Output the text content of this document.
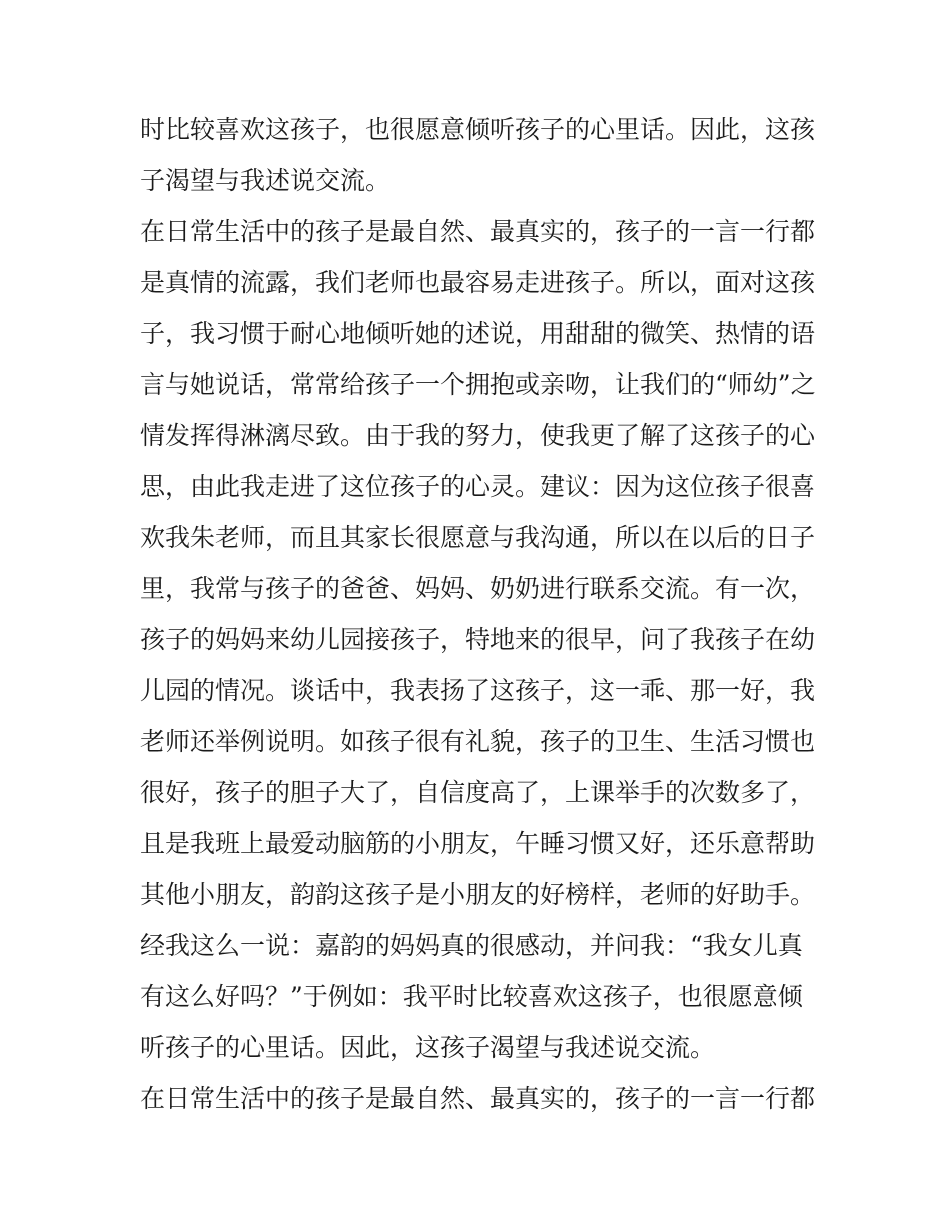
时比较喜欢这孩子，也很愿意倾听孩子的心里话。因此，这孩

子渴望与我述说交流。

在日常生活中的孩子是最自然、最真实的，孩子的一言一行都

是真情的流露，我们老师也最容易走进孩子。所以，面对这孩

子，我习惯于耐心地倾听她的述说，用甜甜的微笑、热情的语

言与她说话，常常给孩子一个拥抱或亲吻，让我们的“师幼”之

情发挥得淋漓尽致。由于我的努力，使我更了解了这孩子的心

思，由此我走进了这位孩子的心灵。建议：因为这位孩子很喜

欢我朱老师，而且其家长很愿意与我沟通，所以在以后的日子

里，我常与孩子的爸爸、妈妈、奶奶进行联系交流。有一次，

孩子的妈妈来幼儿园接孩子，特地来的很早，问了我孩子在幼

儿园的情况。谈话中，我表扬了这孩子，这一乖、那一好，我

老师还举例说明。如孩子很有礼貌，孩子的卫生、生活习惯也

很好，孩子的胆子大了，自信度高了，上课举手的次数多了，

且是我班上最爱动脑筋的小朋友，午睡习惯又好，还乐意帮助

其他小朋友，韵韵这孩子是小朋友的好榜样，老师的好助手。

经我这么一说：嘉韵的妈妈真的很感动，并问我：“我女儿真

有这么好吗？”于例如：我平时比较喜欢这孩子，也很愿意倾

听孩子的心里话。因此，这孩子渴望与我述说交流。

在日常生活中的孩子是最自然、最真实的，孩子的一言一行都
